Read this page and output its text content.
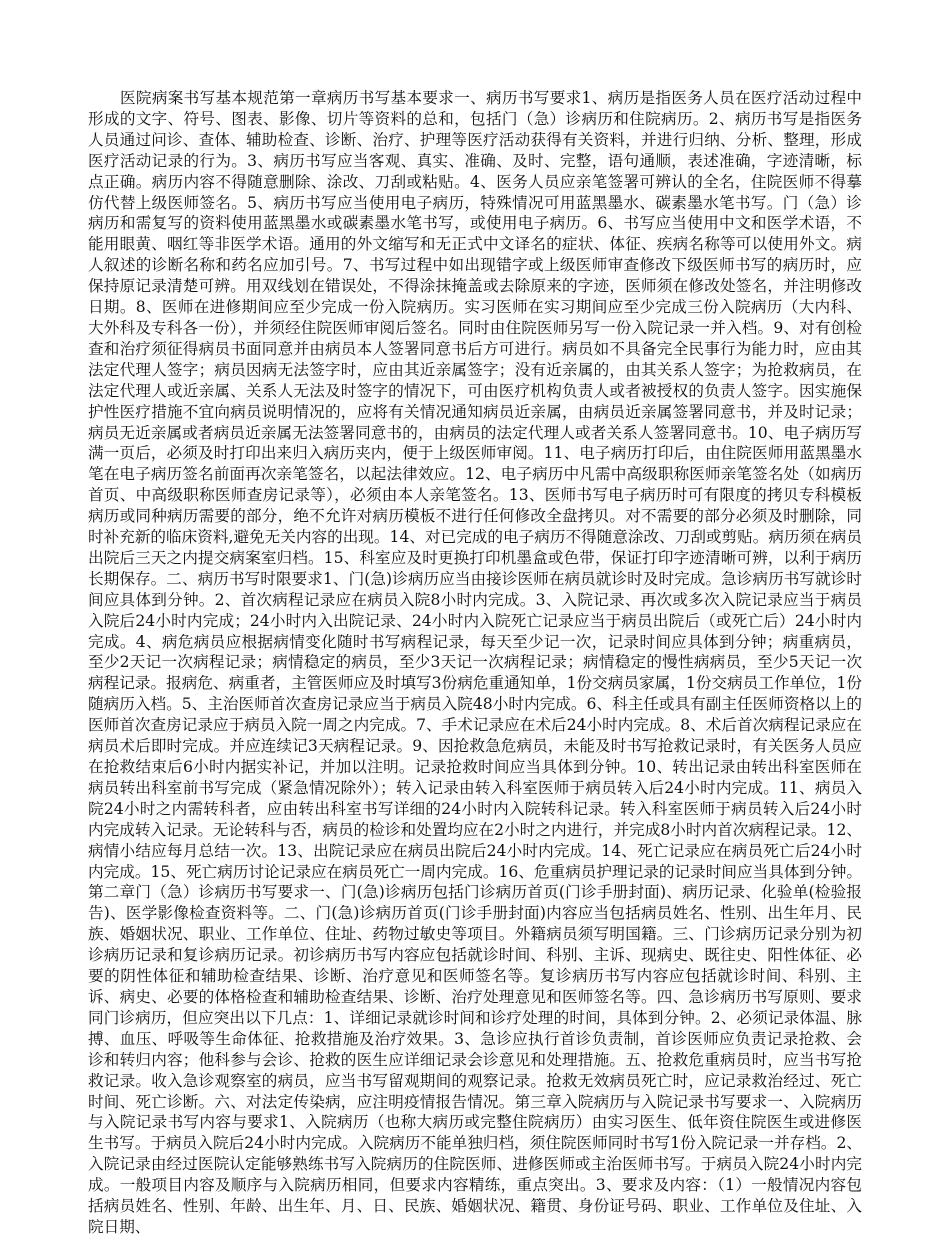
医院病案书写基本规范第一章病历书写基本要求一、病历书写要求1、病历是指医务人员在医疗活动过程中形成的文字、符号、图表、影像、切片等资料的总和，包括门（急）诊病历和住院病历。2、病历书写是指医务人员通过问诊、查体、辅助检查、诊断、治疗、护理等医疗活动获得有关资料，并进行归纳、分析、整理，形成医疗活动记录的行为。3、病历书写应当客观、真实、准确、及时、完整，语句通顺，表述准确，字迹清晰，标点正确。病历内容不得随意删除、涂改、刀刮或粘贴。4、医务人员应亲笔签署可辨认的全名，住院医师不得摹仿代替上级医师签名。5、病历书写应当使用电子病历，特殊情况可用蓝黑墨水、碳素墨水笔书写。门（急）诊病历和需复写的资料使用蓝黑墨水或碳素墨水笔书写，或使用电子病历。6、书写应当使用中文和医学术语，不能用眼黄、咽红等非医学术语。通用的外文缩写和无正式中文译名的症状、体征、疾病名称等可以使用外文。病人叙述的诊断名称和药名应加引号。7、书写过程中如出现错字或上级医师审查修改下级医师书写的病历时，应保持原记录清楚可辨。用双线划在错误处，不得涂抹掩盖或去除原来的字迹，医师须在修改处签名，并注明修改日期。8、医师在进修期间应至少完成一份入院病历。实习医师在实习期间应至少完成三份入院病历（大内科、大外科及专科各一份），并须经住院医师审阅后签名。同时由住院医师另写一份入院记录一并入档。9、对有创检查和治疗须征得病员书面同意并由病员本人签署同意书后方可进行。病员如不具备完全民事行为能力时，应由其法定代理人签字；病员因病无法签字时，应由其近亲属签字；没有近亲属的，由其关系人签字；为抢救病员，在法定代理人或近亲属、关系人无法及时签字的情况下，可由医疗机构负责人或者被授权的负责人签字。因实施保护性医疗措施不宜向病员说明情况的，应将有关情况通知病员近亲属，由病员近亲属签署同意书，并及时记录；病员无近亲属或者病员近亲属无法签署同意书的，由病员的法定代理人或者关系人签署同意书。10、电子病历写满一页后，必须及时打印出来归入病历夹内，便于上级医师审阅。11、电子病历打印后，由住院医师用蓝黑墨水笔在电子病历签名前面再次亲笔签名，以起法律效应。12、电子病历中凡需中高级职称医师亲笔签名处（如病历首页、中高级职称医师查房记录等），必须由本人亲笔签名。13、医师书写电子病历时可有限度的拷贝专科模板病历或同种病历需要的部分，绝不允许对病历模板不进行任何修改全盘拷贝。对不需要的部分必须及时删除，同时补充新的临床资料,避免无关内容的出现。14、对已完成的电子病历不得随意涂改、刀刮或剪贴。病历须在病员出院后三天之内提交病案室归档。15、科室应及时更换打印机墨盒或色带，保证打印字迹清晰可辨，以利于病历长期保存。二、病历书写时限要求1、门(急)诊病历应当由接诊医师在病员就诊时及时完成。急诊病历书写就诊时间应具体到分钟。2、首次病程记录应在病员入院8小时内完成。3、入院记录、再次或多次入院记录应当于病员入院后24小时内完成；24小时内入出院记录、24小时内入院死亡记录应当于病员出院后（或死亡后）24小时内完成。4、病危病员应根据病情变化随时书写病程记录，每天至少记一次，记录时间应具体到分钟；病重病员，至少2天记一次病程记录；病情稳定的病员，至少3天记一次病程记录；病情稳定的慢性病病员，至少5天记一次病程记录。报病危、病重者，主管医师应及时填写3份病危重通知单，1份交病员家属，1份交病员工作单位，1份随病历入档。5、主治医师首次查房记录应当于病员入院48小时内完成。6、科主任或具有副主任医师资格以上的医师首次查房记录应于病员入院一周之内完成。7、手术记录应在术后24小时内完成。8、术后首次病程记录应在病员术后即时完成。并应连续记3天病程记录。9、因抢救急危病员，未能及时书写抢救记录时，有关医务人员应在抢救结束后6小时内据实补记，并加以注明。记录抢救时间应当具体到分钟。10、转出记录由转出科室医师在病员转出科室前书写完成（紧急情况除外）；转入记录由转入科室医师于病员转入后24小时内完成。11、病员入院24小时之内需转科者，应由转出科室书写详细的24小时内入院转科记录。转入科室医师于病员转入后24小时内完成转入记录。无论转科与否，病员的检诊和处置均应在2小时之内进行，并完成8小时内首次病程记录。12、病情小结应每月总结一次。13、出院记录应在病员出院后24小时内完成。14、死亡记录应在病员死亡后24小时内完成。15、死亡病历讨论记录应在病员死亡一周内完成。16、危重病员护理记录的记录时间应当具体到分钟。第二章门（急）诊病历书写要求一、门(急)诊病历包括门诊病历首页(门诊手册封面)、病历记录、化验单(检验报告)、医学影像检查资料等。二、门(急)诊病历首页(门诊手册封面)内容应当包括病员姓名、性别、出生年月、民族、婚姻状况、职业、工作单位、住址、药物过敏史等项目。外籍病员须写明国籍。三、门诊病历记录分别为初诊病历记录和复诊病历记录。初诊病历书写内容应包括就诊时间、科别、主诉、现病史、既往史、阳性体征、必要的阴性体征和辅助检查结果、诊断、治疗意见和医师签名等。复诊病历书写内容应包括就诊时间、科别、主诉、病史、必要的体格检查和辅助检查结果、诊断、治疗处理意见和医师签名等。四、急诊病历书写原则、要求同门诊病历，但应突出以下几点：1、详细记录就诊时间和诊疗处理的时间，具体到分钟。2、必须记录体温、脉搏、血压、呼吸等生命体征、抢救措施及治疗效果。3、急诊应执行首诊负责制，首诊医师应负责记录抢救、会诊和转归内容；他科参与会诊、抢救的医生应详细记录会诊意见和处理措施。五、抢救危重病员时，应当书写抢救记录。收入急诊观察室的病员，应当书写留观期间的观察记录。抢救无效病员死亡时，应记录救治经过、死亡时间、死亡诊断。六、对法定传染病，应注明疫情报告情况。第三章入院病历与入院记录书写要求一、入院病历与入院记录书写内容与要求1、入院病历（也称大病历或完整住院病历）由实习医生、低年资住院医生或进修医生书写。于病员入院后24小时内完成。入院病历不能单独归档，须住院医师同时书写1份入院记录一并存档。2、入院记录由经过医院认定能够熟练书写入院病历的住院医师、进修医师或主治医师书写。于病员入院24小时内完成。一般项目内容及顺序与入院病历相同，但要求内容精练，重点突出。3、要求及内容：（1）一般情况内容包括病员姓名、性别、年龄、出生年、月、日、民族、婚姻状况、籍贯、身份证号码、职业、工作单位及住址、入院日期、
